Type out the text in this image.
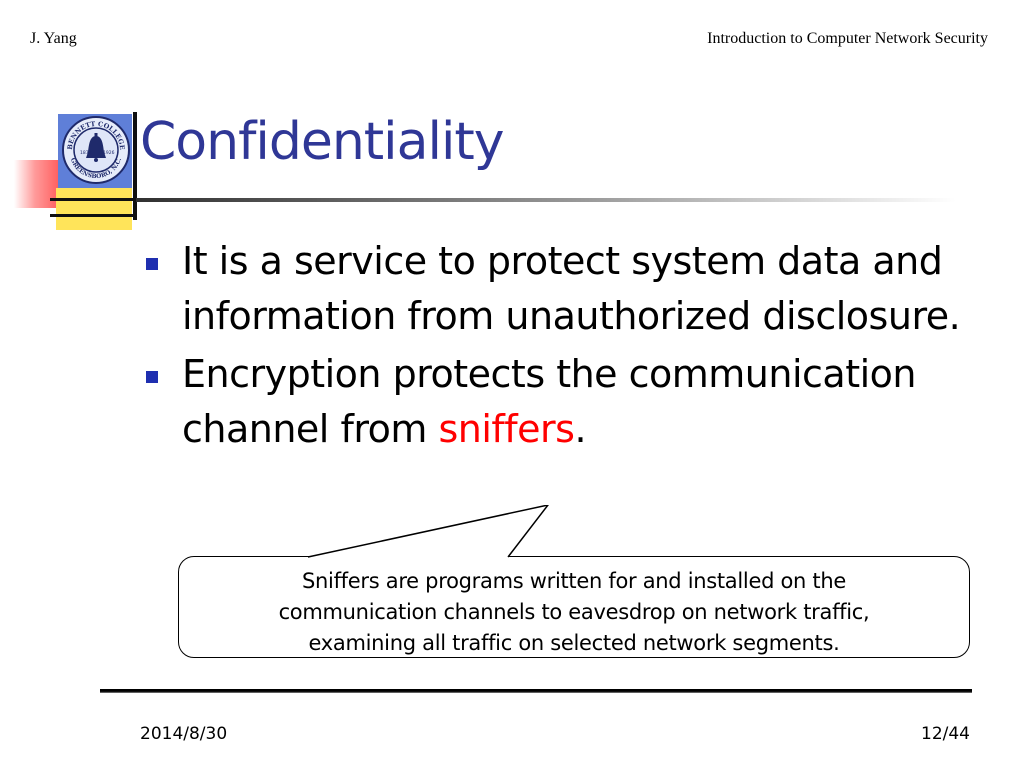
J. Yang	Introduction to Computer Network Security
BENNETT COLLEGE
GREENSBORO, N.C.
1873	1926 Confidentiality
It is a service to protect system data and information from unauthorized disclosure.
Encryption protects the communication channel from sniffers.
Sniffers are programs written for and installed on the
communication channels to eavesdrop on network traffic,
examining all traffic on selected network segments.
2014/8/30	12/44
